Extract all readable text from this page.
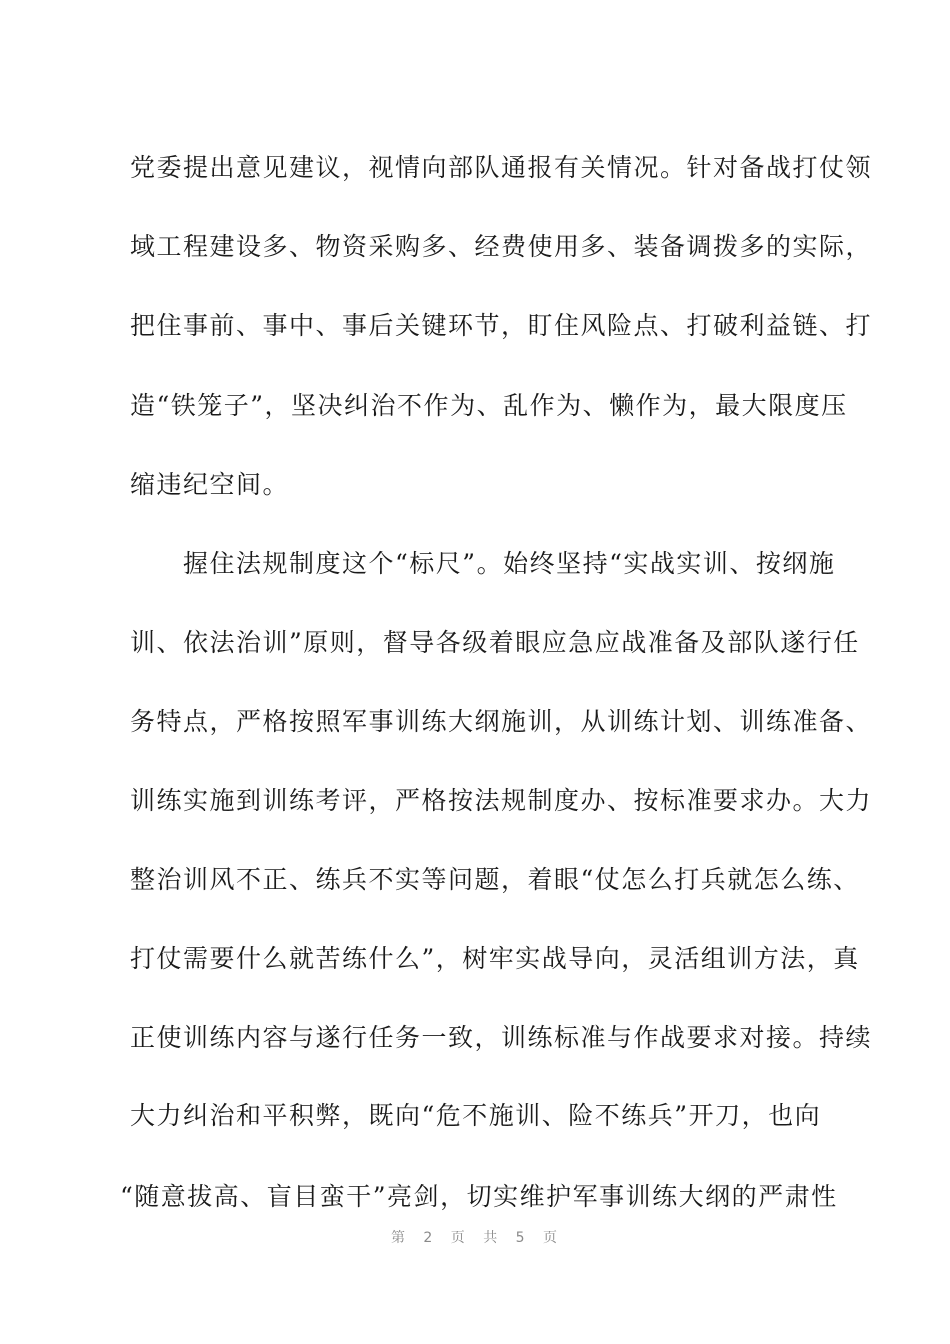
党委提出意见建议，视情向部队通报有关情况。针对备战打仗领
域工程建设多、物资采购多、经费使用多、装备调拨多的实际，
把住事前、事中、事后关键环节，盯住风险点、打破利益链、打
造“铁笼子”，坚决纠治不作为、乱作为、懒作为，最大限度压
缩违纪空间。
　　握住法规制度这个“标尺”。始终坚持“实战实训、按纲施
训、依法治训”原则，督导各级着眼应急应战准备及部队遂行任
务特点，严格按照军事训练大纲施训，从训练计划、训练准备、
训练实施到训练考评，严格按法规制度办、按标准要求办。大力
整治训风不正、练兵不实等问题，着眼“仗怎么打兵就怎么练、
打仗需要什么就苦练什么”，树牢实战导向，灵活组训方法，真
正使训练内容与遂行任务一致，训练标准与作战要求对接。持续
大力纠治和平积弊，既向“危不施训、险不练兵”开刀，也向
“随意拔高、盲目蛮干”亮剑，切实维护军事训练大纲的严肃性
第 2 页 共 5 页
